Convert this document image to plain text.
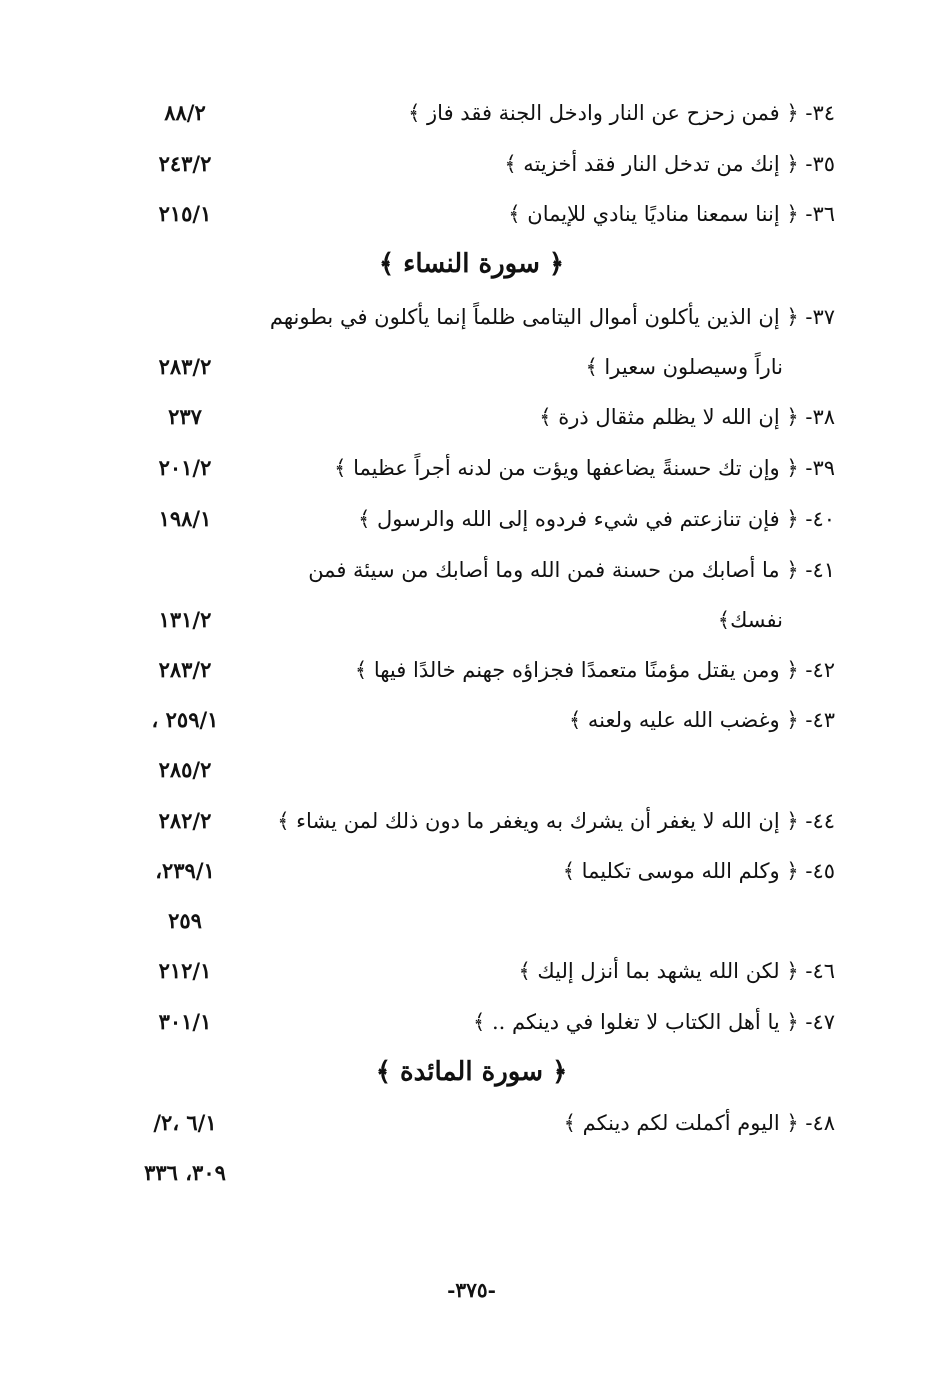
٣٤- ﴿ فمن زحزح عن النار وادخل الجنة فقد فاز ﴾
٨٨/٢
٣٥- ﴿ إنك من تدخل النار فقد أخزيته ﴾
٢٤٣/٢
٣٦- ﴿ إننا سمعنا مناديًا ينادي للإيمان ﴾
٢١٥/١
﴿ سورة النساء ﴾
٣٧- ﴿ إن الذين يأكلون أموال اليتامى ظلماً إنما يأكلون في بطونهم
ناراً وسيصلون سعيرا ﴾
٢٨٣/٢
٣٨- ﴿ إن الله لا يظلم مثقال ذرة ﴾
٢٣٧
٣٩- ﴿ وإن تك حسنةً يضاعفها ويؤت من لدنه أجراً عظيما ﴾
٢٠١/٢
٤٠- ﴿ فإن تنازعتم في شيء فردوه إلى الله والرسول ﴾
١٩٨/١
٤١- ﴿ ما أصابك من حسنة فمن الله وما أصابك من سيئة فمن
نفسك﴾
١٣١/٢
٤٢- ﴿ ومن يقتل مؤمنًا متعمدًا فجزاؤه جهنم خالدًا فيها ﴾
٢٨٣/٢
٤٣- ﴿ وغضب الله عليه ولعنه ﴾
٢٥٩/١ ،
٢٨٥/٢
٤٤- ﴿ إن الله لا يغفر أن يشرك به ويغفر ما دون ذلك لمن يشاء ﴾
٢٨٢/٢
٤٥- ﴿ وكلم الله موسى تكليما ﴾
٢٣٩/١،
٢٥٩
٤٦- ﴿ لكن الله يشهد بما أنزل إليك ﴾
٢١٢/١
٤٧- ﴿ يا أهل الكتاب لا تغلوا في دينكم .. ﴾
٣٠١/١
﴿ سورة المائدة ﴾
٤٨- ﴿ اليوم أكملت لكم دينكم ﴾
٦/١ ،٢/
٣٠٩، ٣٣٦
-٣٧٥-
